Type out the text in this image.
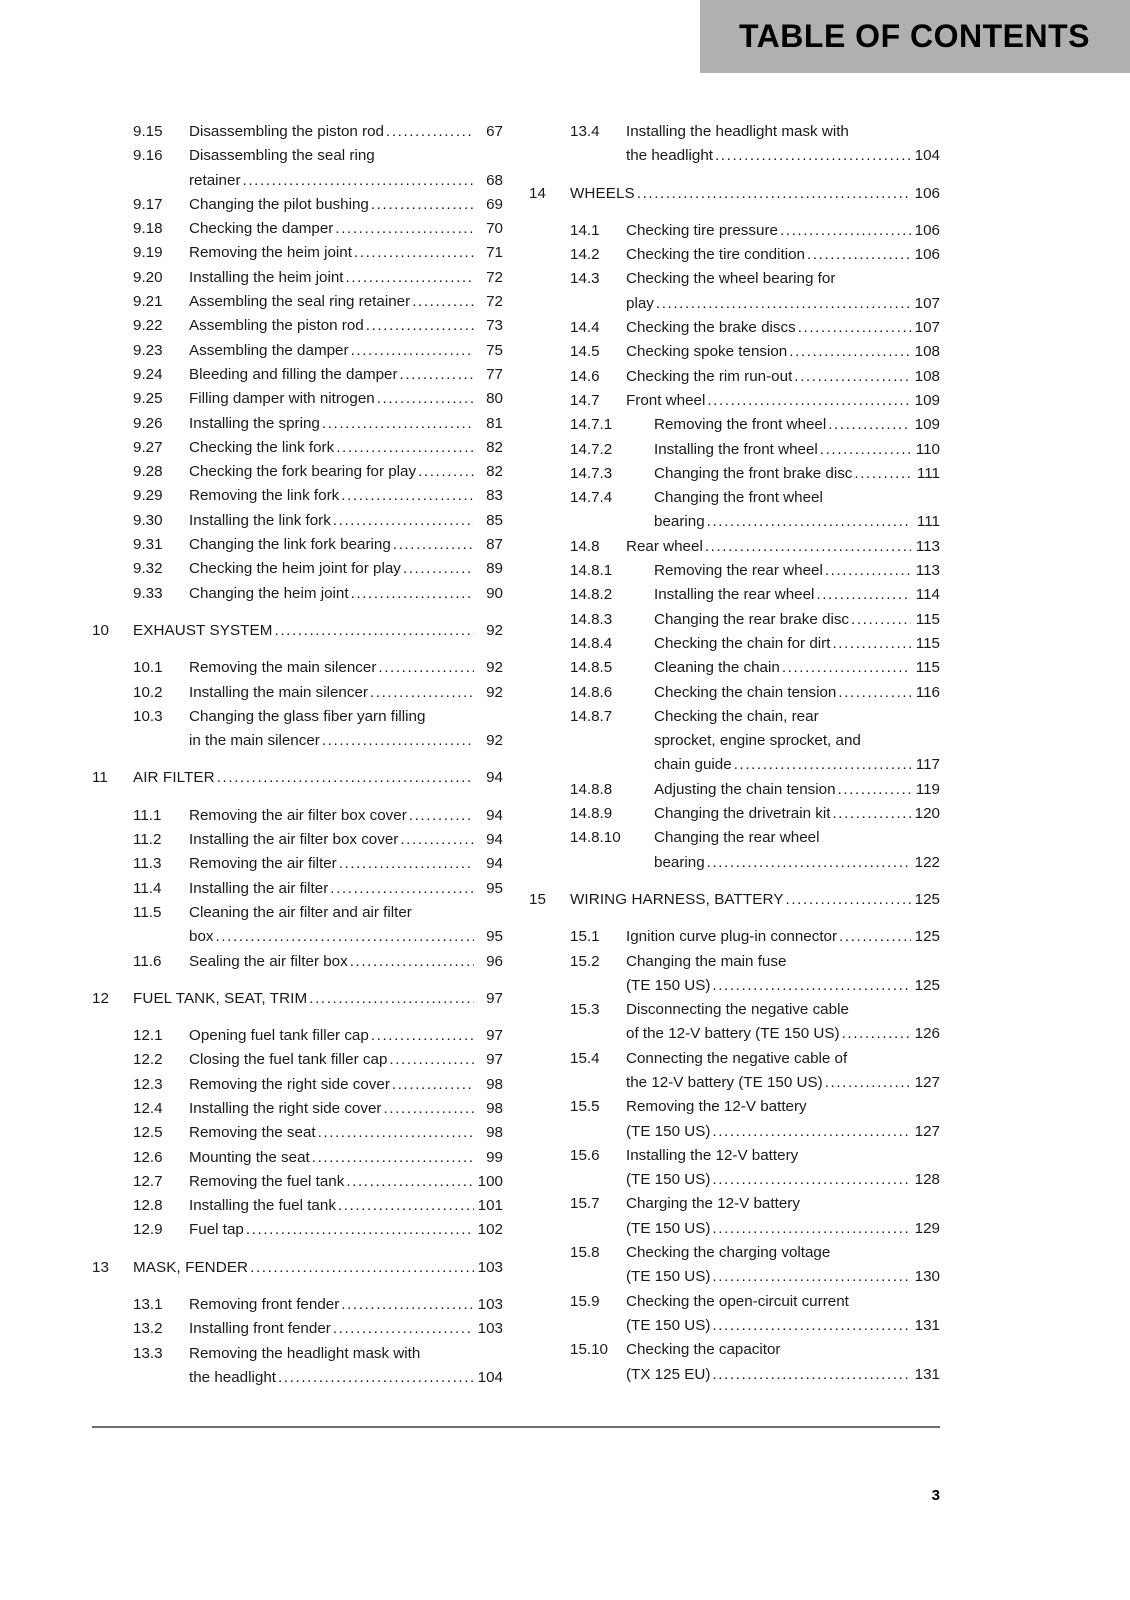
TABLE OF CONTENTS
9.15	Disassembling the piston rod .....	67
9.16	Disassembling the seal ring
retainer .....	68
9.17	Changing the pilot bushing .....	69
9.18	Checking the damper .....	70
9.19	Removing the heim joint .....	71
9.20	Installing the heim joint .....	72
9.21	Assembling the seal ring retainer .....	72
9.22	Assembling the piston rod .....	73
9.23	Assembling the damper .....	75
9.24	Bleeding and filling the damper .....	77
9.25	Filling damper with nitrogen .....	80
9.26	Installing the spring .....	81
9.27	Checking the link fork .....	82
9.28	Checking the fork bearing for play .....	82
9.29	Removing the link fork .....	83
9.30	Installing the link fork .....	85
9.31	Changing the link fork bearing .....	87
9.32	Checking the heim joint for play .....	89
9.33	Changing the heim joint .....	90
10	EXHAUST SYSTEM .....	92
10.1	Removing the main silencer .....	92
10.2	Installing the main silencer .....	92
10.3	Changing the glass fiber yarn filling
in the main silencer .....	92
11	AIR FILTER .....	94
11.1	Removing the air filter box cover .....	94
11.2	Installing the air filter box cover .....	94
11.3	Removing the air filter .....	94
11.4	Installing the air filter .....	95
11.5	Cleaning the air filter and air filter
box .....	95
11.6	Sealing the air filter box .....	96
12	FUEL TANK, SEAT, TRIM .....	97
12.1	Opening fuel tank filler cap .....	97
12.2	Closing the fuel tank filler cap .....	97
12.3	Removing the right side cover .....	98
12.4	Installing the right side cover .....	98
12.5	Removing the seat .....	98
12.6	Mounting the seat .....	99
12.7	Removing the fuel tank .....	100
12.8	Installing the fuel tank .....	101
12.9	Fuel tap .....	102
13	MASK, FENDER .....	103
13.1	Removing front fender .....	103
13.2	Installing front fender .....	103
13.3	Removing the headlight mask with
the headlight .....	104
13.4	Installing the headlight mask with
the headlight .....	104
14	WHEELS .....	106
14.1	Checking tire pressure .....	106
14.2	Checking the tire condition .....	106
14.3	Checking the wheel bearing for
play .....	107
14.4	Checking the brake discs .....	107
14.5	Checking spoke tension .....	108
14.6	Checking the rim run-out .....	108
14.7	Front wheel .....	109
14.7.1	Removing the front wheel .....	109
14.7.2	Installing the front wheel .....	110
14.7.3	Changing the front brake disc .....	111
14.7.4	Changing the front wheel
bearing .....	111
14.8	Rear wheel .....	113
14.8.1	Removing the rear wheel .....	113
14.8.2	Installing the rear wheel .....	114
14.8.3	Changing the rear brake disc .....	115
14.8.4	Checking the chain for dirt .....	115
14.8.5	Cleaning the chain .....	115
14.8.6	Checking the chain tension .....	116
14.8.7	Checking the chain, rear
sprocket, engine sprocket, and
chain guide .....	117
14.8.8	Adjusting the chain tension .....	119
14.8.9	Changing the drivetrain kit .....	120
14.8.10	Changing the rear wheel
bearing .....	122
15	WIRING HARNESS, BATTERY .....	125
15.1	Ignition curve plug-in connector .....	125
15.2	Changing the main fuse
(TE 150 US) .....	125
15.3	Disconnecting the negative cable
of the 12-V battery (TE 150 US) .....	126
15.4	Connecting the negative cable of
the 12-V battery (TE 150 US) .....	127
15.5	Removing the 12-V battery
(TE 150 US) .....	127
15.6	Installing the 12-V battery
(TE 150 US) .....	128
15.7	Charging the 12-V battery
(TE 150 US) .....	129
15.8	Checking the charging voltage
(TE 150 US) .....	130
15.9	Checking the open-circuit current
(TE 150 US) .....	131
15.10	Checking the capacitor
(TX 125 EU) .....	131
3
